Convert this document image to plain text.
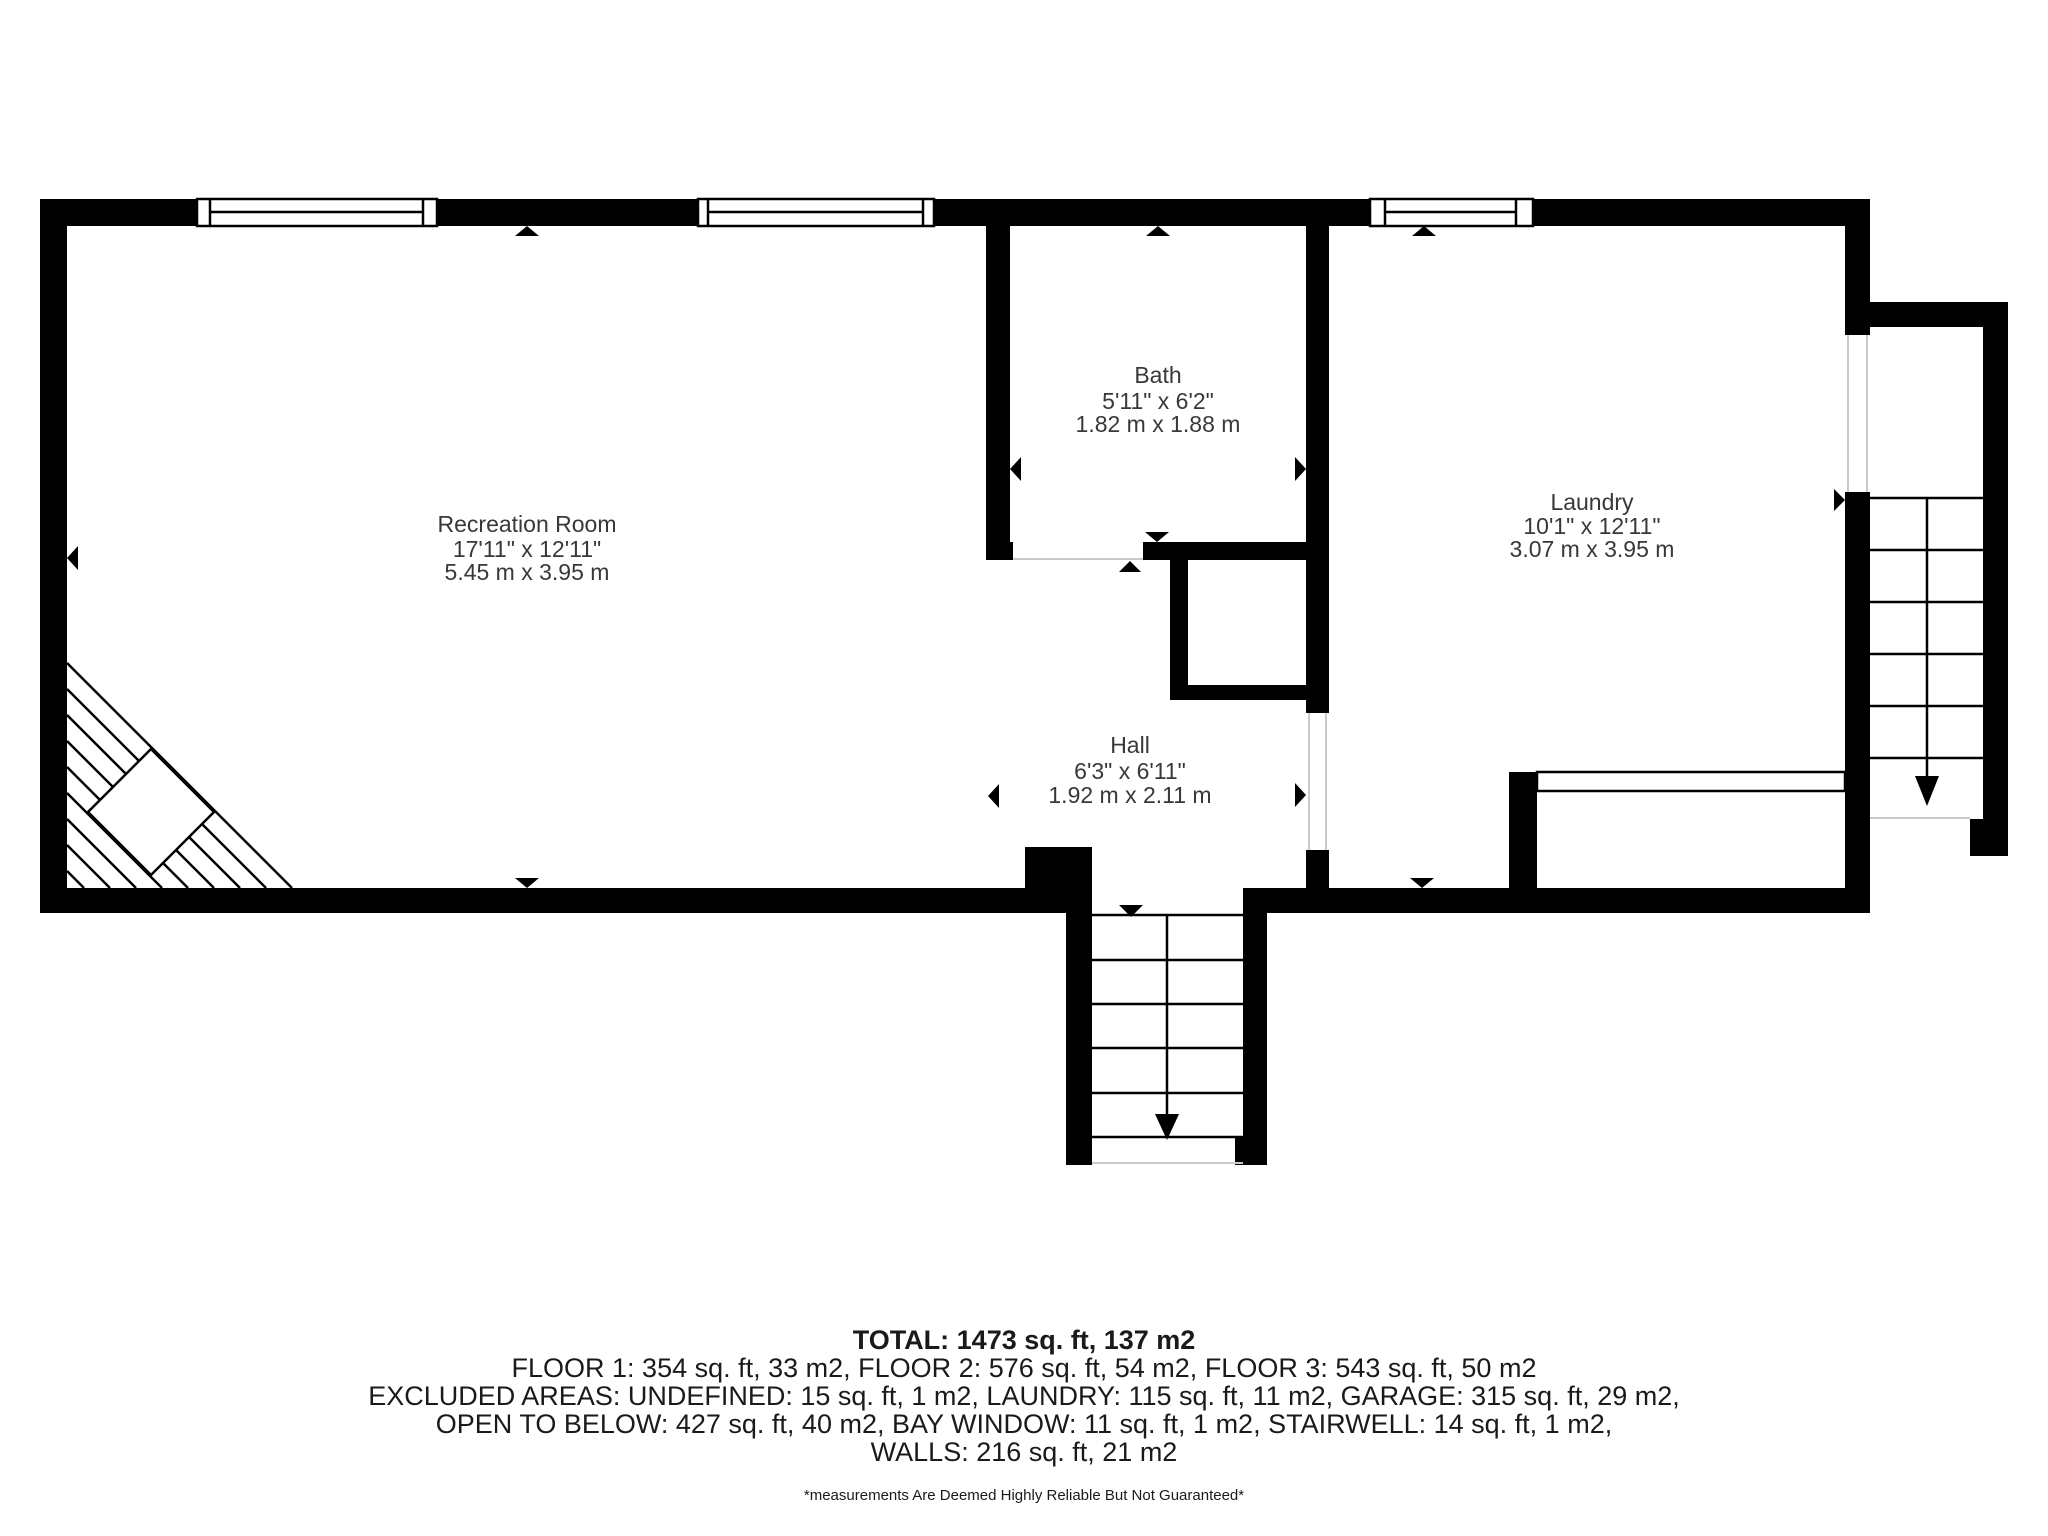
Recreation Room
17'11" x 12'11"
5.45 m x 3.95 m
Bath
5'11" x 6'2"
1.82 m x 1.88 m
Laundry
10'1" x 12'11"
3.07 m x 3.95 m
Hall
6'3" x 6'11"
1.92 m x 2.11 m
TOTAL: 1473 sq. ft, 137 m2
FLOOR 1: 354 sq. ft, 33 m2, FLOOR 2: 576 sq. ft, 54 m2, FLOOR 3: 543 sq. ft, 50 m2
EXCLUDED AREAS: UNDEFINED: 15 sq. ft, 1 m2, LAUNDRY: 115 sq. ft, 11 m2, GARAGE: 315 sq. ft, 29 m2,
OPEN TO BELOW: 427 sq. ft, 40 m2, BAY WINDOW: 11 sq. ft, 1 m2, STAIRWELL: 14 sq. ft, 1 m2,
WALLS: 216 sq. ft, 21 m2
*measurements Are Deemed Highly Reliable But Not Guaranteed*
